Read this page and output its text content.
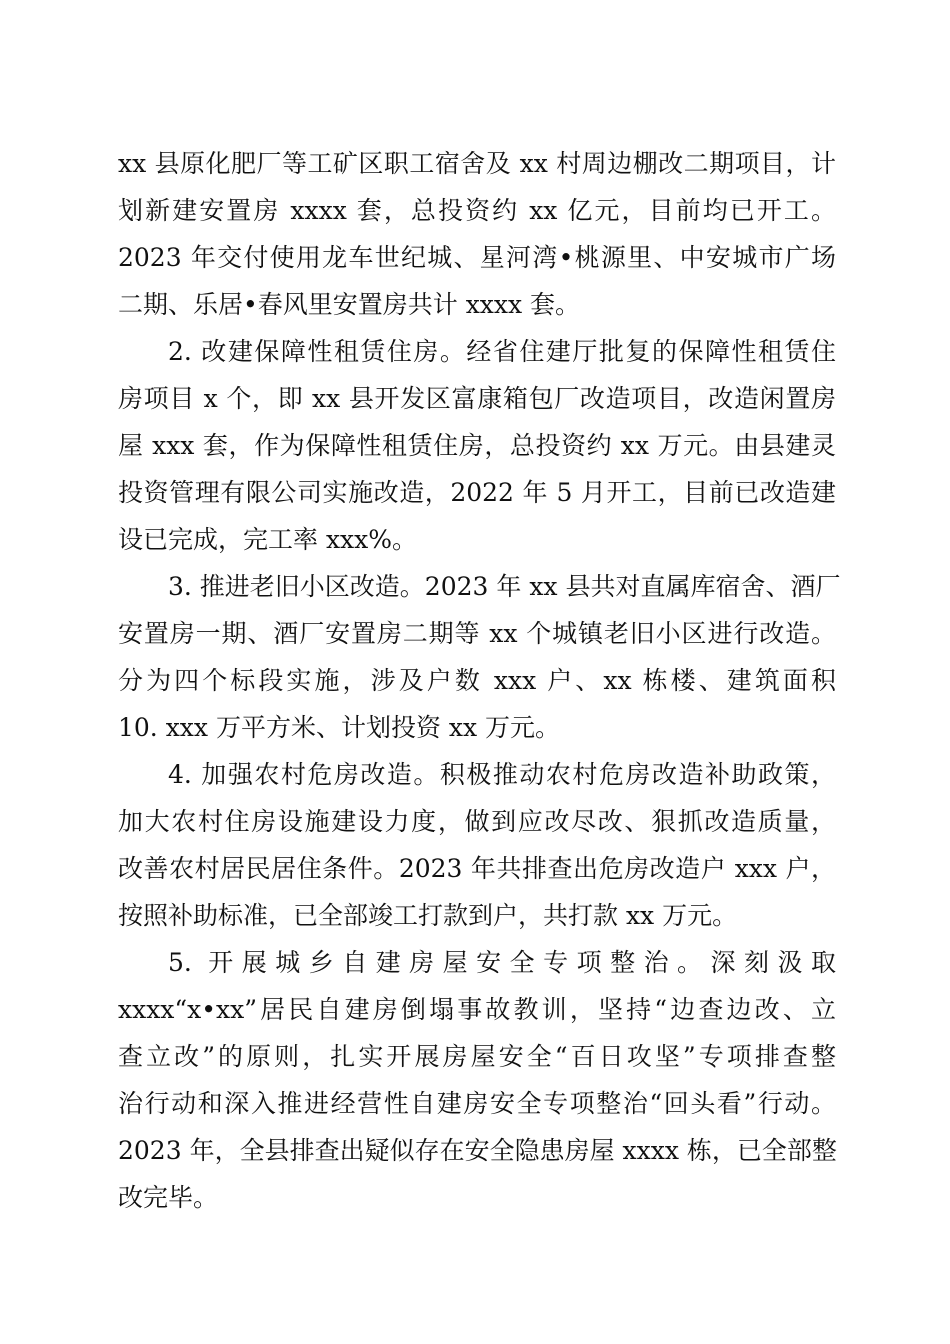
xx 县原化肥厂等工矿区职工宿舍及 xx 村周边棚改二期项目，计
划新建安置房 xxxx 套，总投资约 xx 亿元，目前均已开工。
2023 年交付使用龙车世纪城、星河湾•桃源里、中安城市广场
二期、乐居•春风里安置房共计 xxxx 套。
2. 改建保障性租赁住房。经省住建厅批复的保障性租赁住
房项目 x 个，即 xx 县开发区富康箱包厂改造项目，改造闲置房
屋 xxx 套，作为保障性租赁住房，总投资约 xx 万元。由县建灵
投资管理有限公司实施改造，2022 年 5 月开工，目前已改造建
设已完成，完工率 xxx%。
3. 推进老旧小区改造。2023 年 xx 县共对直属库宿舍、酒厂
安置房一期、酒厂安置房二期等 xx 个城镇老旧小区进行改造。
分为四个标段实施，涉及户数 xxx 户、xx 栋楼、建筑面积
10. xxx 万平方米、计划投资 xx 万元。
4. 加强农村危房改造。积极推动农村危房改造补助政策，
加大农村住房设施建设力度，做到应改尽改、狠抓改造质量，
改善农村居民居住条件。2023 年共排查出危房改造户 xxx 户，
按照补助标准，已全部竣工打款到户，共打款 xx 万元。
5. 开展城乡自建房屋安全专项整治。深刻汲取
xxxx“x•xx”居民自建房倒塌事故教训，坚持“边查边改、立
查立改”的原则，扎实开展房屋安全“百日攻坚”专项排查整
治行动和深入推进经营性自建房安全专项整治“回头看”行动。
2023 年，全县排查出疑似存在安全隐患房屋 xxxx 栋，已全部整
改完毕。
